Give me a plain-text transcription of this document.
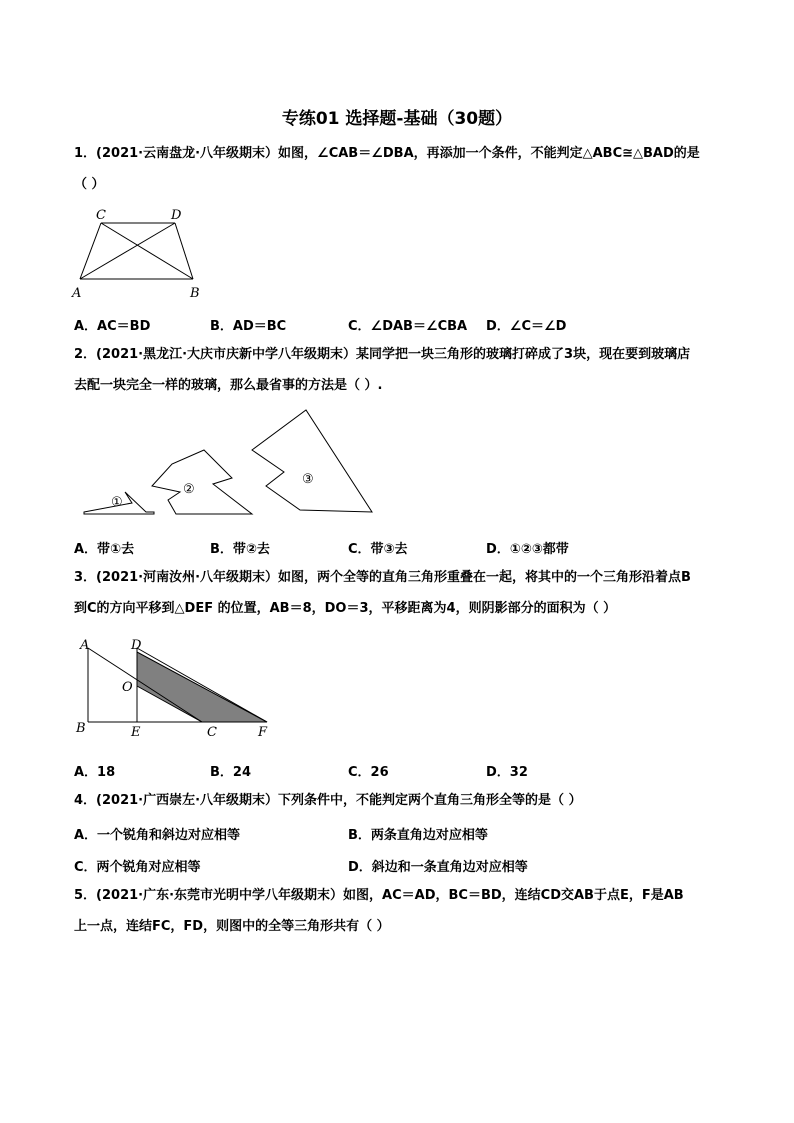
专练01 选择题-基础（30题）
1．(2021·云南盘龙·八年级期末）如图，∠CAB＝∠DBA，再添加一个条件，不能判定△ABC≅△BAD的是
（ ）
C	D
A	B
A．AC＝BD	B．AD＝BC	C．∠DAB＝∠CBA D．∠C＝∠D
2．(2021·黑龙江·大庆市庆新中学八年级期末）某同学把一块三角形的玻璃打碎成了3块，现在要到玻璃店
去配一块完全一样的玻璃，那么最省事的方法是（ ）.
①
②
③
A．带①去	B．带②去	C．带③去	D．①②③都带
3．(2021·河南汝州·八年级期末）如图，两个全等的直角三角形重叠在一起，将其中的一个三角形沿着点B
到C的方向平移到△DEF 的位置，AB＝8，DO＝3，平移距离为4，则阴影部分的面积为（ ）
A	D
O
B	E	C	F
A．18	B．24	C．26	D．32
4．(2021·广西崇左·八年级期末）下列条件中，不能判定两个直角三角形全等的是（ ）
A．一个锐角和斜边对应相等	B．两条直角边对应相等
C．两个锐角对应相等	D．斜边和一条直角边对应相等
5．(2021·广东·东莞市光明中学八年级期末）如图，AC＝AD，BC＝BD，连结CD交AB于点E，F是AB
上一点，连结FC，FD，则图中的全等三角形共有（ ）
